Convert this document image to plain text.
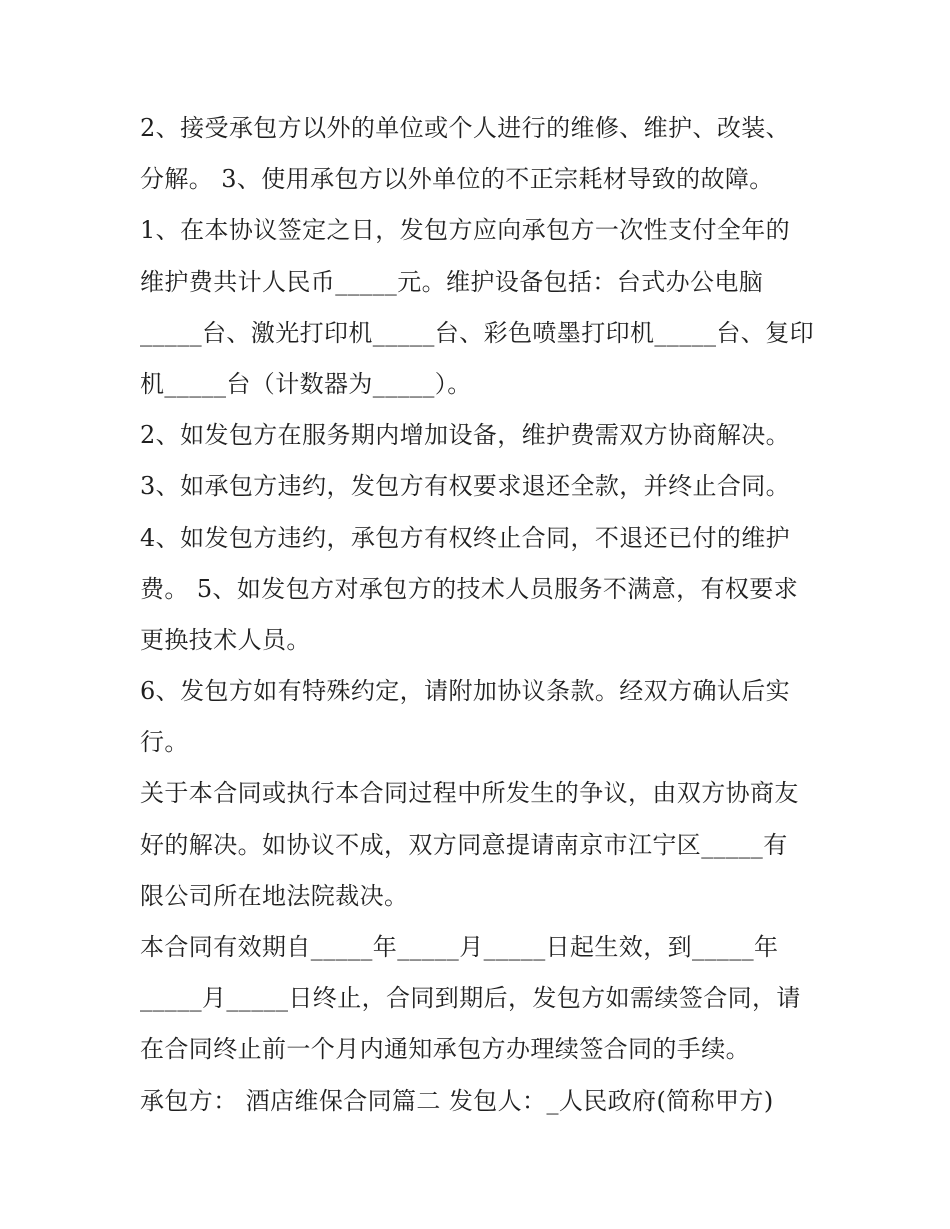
2、接受承包方以外的单位或个人进行的维修、维护、改装、
分解。 3、使用承包方以外单位的不正宗耗材导致的故障。
1、在本协议签定之日，发包方应向承包方一次性支付全年的
维护费共计人民币_____元。维护设备包括：台式办公电脑
_____台、激光打印机_____台、彩色喷墨打印机_____台、复印
机_____台（计数器为_____）。
2、如发包方在服务期内增加设备，维护费需双方协商解决。
3、如承包方违约，发包方有权要求退还全款，并终止合同。
4、如发包方违约，承包方有权终止合同，不退还已付的维护
费。 5、如发包方对承包方的技术人员服务不满意，有权要求
更换技术人员。
6、发包方如有特殊约定，请附加协议条款。经双方确认后实
行。
关于本合同或执行本合同过程中所发生的争议，由双方协商友
好的解决。如协议不成，双方同意提请南京市江宁区_____有
限公司所在地法院裁决。
本合同有效期自_____年_____月_____日起生效，到_____年
_____月_____日终止，合同到期后，发包方如需续签合同，请
在合同终止前一个月内通知承包方办理续签合同的手续。
承包方： 酒店维保合同篇二 发包人：_人民政府(简称甲方)
